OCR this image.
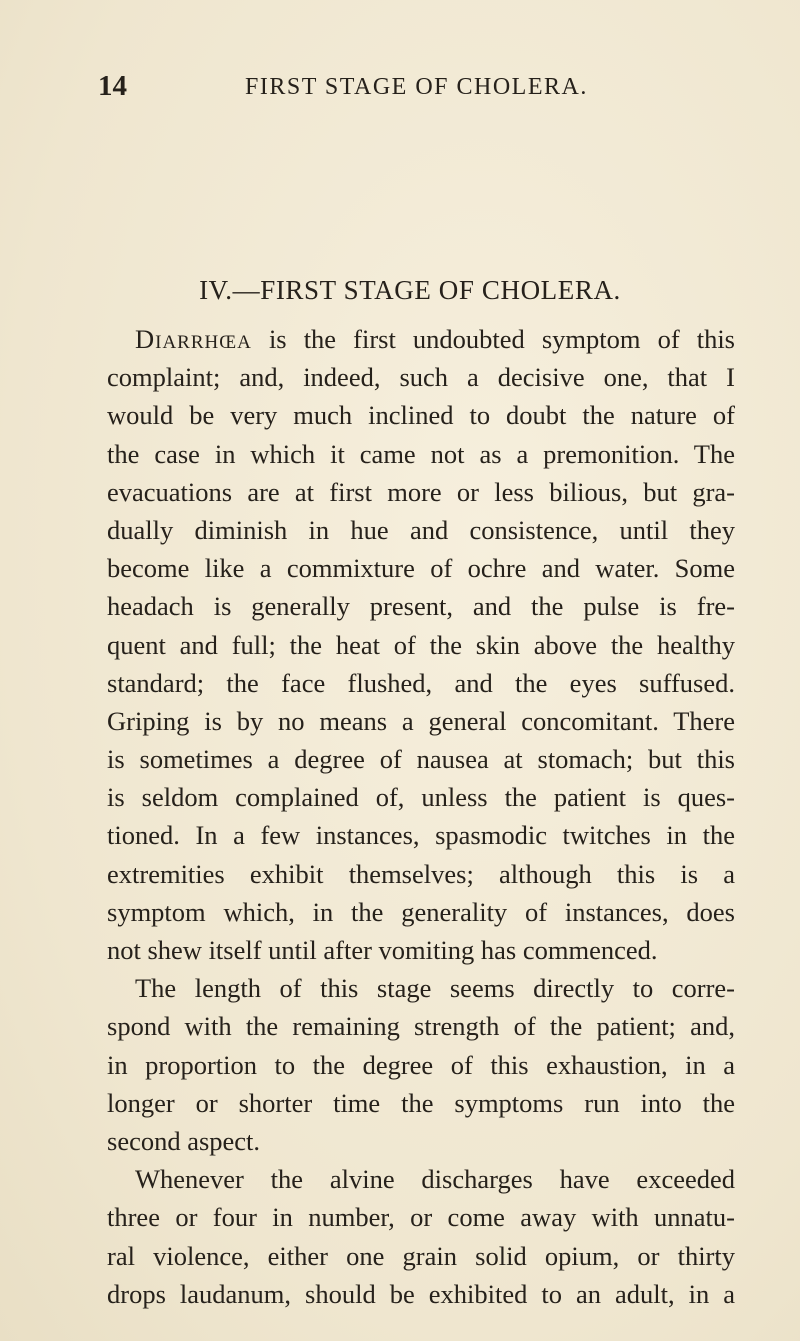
14	FIRST STAGE OF CHOLERA.
IV.—FIRST STAGE OF CHOLERA.
Diarrhœa is the first undoubted symptom of this
complaint; and, indeed, such a decisive one, that I
would be very much inclined to doubt the nature of
the case in which it came not as a premonition. The
evacuations are at first more or less bilious, but gra-
dually diminish in hue and consistence, until they
become like a commixture of ochre and water. Some
headach is generally present, and the pulse is fre-
quent and full; the heat of the skin above the healthy
standard; the face flushed, and the eyes suffused.
Griping is by no means a general concomitant. There
is sometimes a degree of nausea at stomach; but this
is seldom complained of, unless the patient is ques-
tioned. In a few instances, spasmodic twitches in the
extremities exhibit themselves; although this is a
symptom which, in the generality of instances, does
not shew itself until after vomiting has commenced.
The length of this stage seems directly to corre-
spond with the remaining strength of the patient; and,
in proportion to the degree of this exhaustion, in a
longer or shorter time the symptoms run into the
second aspect.
Whenever the alvine discharges have exceeded
three or four in number, or come away with unnatu-
ral violence, either one grain solid opium, or thirty
drops laudanum, should be exhibited to an adult, in a
